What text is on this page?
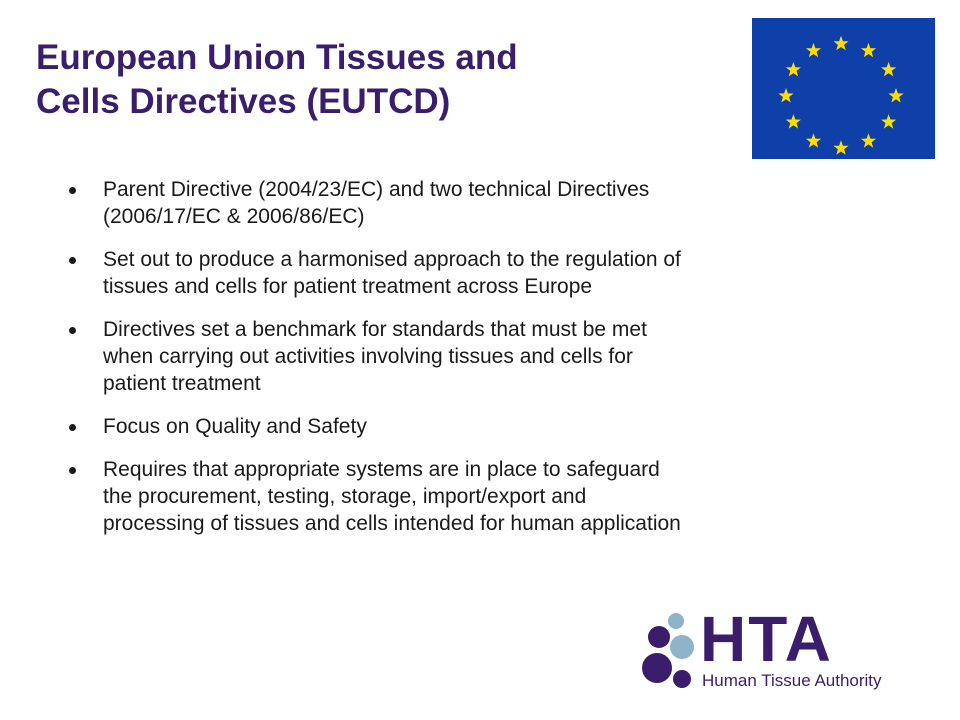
European Union Tissues and
Cells Directives (EUTCD)
Parent Directive (2004/23/EC) and two technical Directives
(2006/17/EC & 2006/86/EC)
Set out to produce a harmonised approach to the regulation of
tissues and cells for patient treatment across Europe
Directives set a benchmark for standards that must be met
when carrying out activities involving tissues and cells for
patient treatment
Focus on Quality and Safety
Requires that appropriate systems are in place to safeguard
the procurement, testing, storage, import/export and
processing of tissues and cells intended for human application
HTA
Human Tissue Authority
